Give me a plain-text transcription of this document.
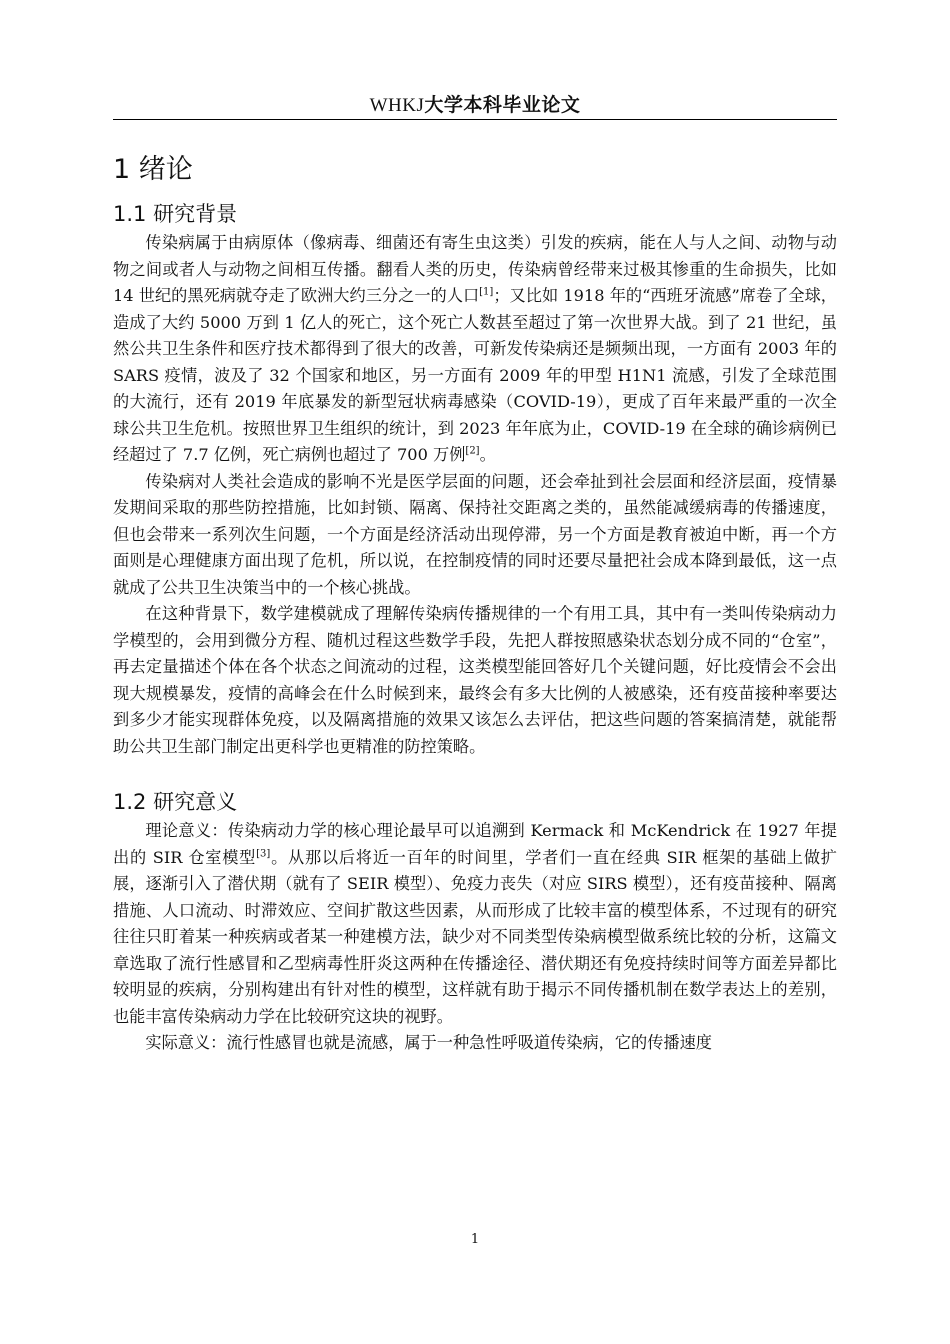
WHKJ大学本科毕业论文
1 绪论
1.1 研究背景

传染病属于由病原体（像病毒、细菌还有寄生虫这类）引发的疾病，能在人与人之间、动物与动物之间或者人与动物之间相互传播。翻看人类的历史，传染病曾经带来过极其惨重的生命损失，比如 14 世纪的黑死病就夺走了欧洲大约三分之一的人口[1]；又比如 1918 年的“西班牙流感”席卷了全球，造成了大约 5000 万到 1 亿人的死亡，这个死亡人数甚至超过了第一次世界大战。到了 21 世纪，虽然公共卫生条件和医疗技术都得到了很大的改善，可新发传染病还是频频出现，一方面有 2003 年的 SARS 疫情，波及了 32 个国家和地区，另一方面有 2009 年的甲型 H1N1 流感，引发了全球范围的大流行，还有 2019 年底暴发的新型冠状病毒感染（COVID-19），更成了百年来最严重的一次全球公共卫生危机。按照世界卫生组织的统计，到 2023 年年底为止，COVID-19 在全球的确诊病例已经超过了 7.7 亿例，死亡病例也超过了 700 万例[2]。

传染病对人类社会造成的影响不光是医学层面的问题，还会牵扯到社会层面和经济层面，疫情暴发期间采取的那些防控措施，比如封锁、隔离、保持社交距离之类的，虽然能减缓病毒的传播速度，但也会带来一系列次生问题，一个方面是经济活动出现停滞，另一个方面是教育被迫中断，再一个方面则是心理健康方面出现了危机，所以说，在控制疫情的同时还要尽量把社会成本降到最低，这一点就成了公共卫生决策当中的一个核心挑战。

在这种背景下，数学建模就成了理解传染病传播规律的一个有用工具，其中有一类叫传染病动力学模型的，会用到微分方程、随机过程这些数学手段，先把人群按照感染状态划分成不同的“仓室”，再去定量描述个体在各个状态之间流动的过程，这类模型能回答好几个关键问题，好比疫情会不会出现大规模暴发，疫情的高峰会在什么时候到来，最终会有多大比例的人被感染，还有疫苗接种率要达到多少才能实现群体免疫，以及隔离措施的效果又该怎么去评估，把这些问题的答案搞清楚，就能帮助公共卫生部门制定出更科学也更精准的防控策略。

1.2 研究意义

理论意义：传染病动力学的核心理论最早可以追溯到 Kermack 和 McKendrick 在 1927 年提出的 SIR 仓室模型[3]。从那以后将近一百年的时间里，学者们一直在经典 SIR 框架的基础上做扩展，逐渐引入了潜伏期（就有了 SEIR 模型）、免疫力丧失（对应 SIRS 模型），还有疫苗接种、隔离措施、人口流动、时滞效应、空间扩散这些因素，从而形成了比较丰富的模型体系，不过现有的研究往往只盯着某一种疾病或者某一种建模方法，缺少对不同类型传染病模型做系统比较的分析，这篇文章选取了流行性感冒和乙型病毒性肝炎这两种在传播途径、潜伏期还有免疫持续时间等方面差异都比较明显的疾病，分别构建出有针对性的模型，这样就有助于揭示不同传播机制在数学表达上的差别，也能丰富传染病动力学在比较研究这块的视野。

实际意义：流行性感冒也就是流感，属于一种急性呼吸道传染病，它的传播速度

1
